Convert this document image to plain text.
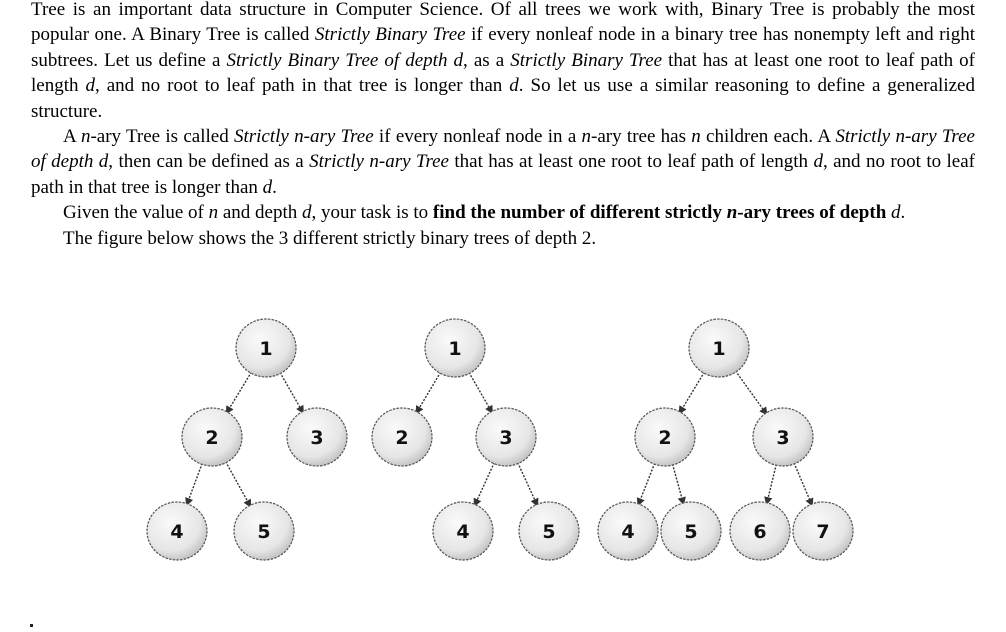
Tree is an important data structure in Computer Science. Of all trees we work with, Binary Tree is probably the most popular one. A Binary Tree is called Strictly Binary Tree if every nonleaf node in a binary tree has nonempty left and right subtrees. Let us define a Strictly Binary Tree of depth d, as a Strictly Binary Tree that has at least one root to leaf path of length d, and no root to leaf path in that tree is longer than d. So let us use a similar reasoning to define a generalized structure.

A n-ary Tree is called Strictly n-ary Tree if every nonleaf node in a n-ary tree has n children each. A Strictly n-ary Tree of depth d, then can be defined as a Strictly n-ary Tree that has at least one root to leaf path of length d, and no root to leaf path in that tree is longer than d.

Given the value of n and depth d, your task is to find the number of different strictly n-ary trees of depth d.

The figure below shows the 3 different strictly binary trees of depth 2.

1
2	3
4	5
1
2	3
4	5
1
2	3
4	5	6	7
